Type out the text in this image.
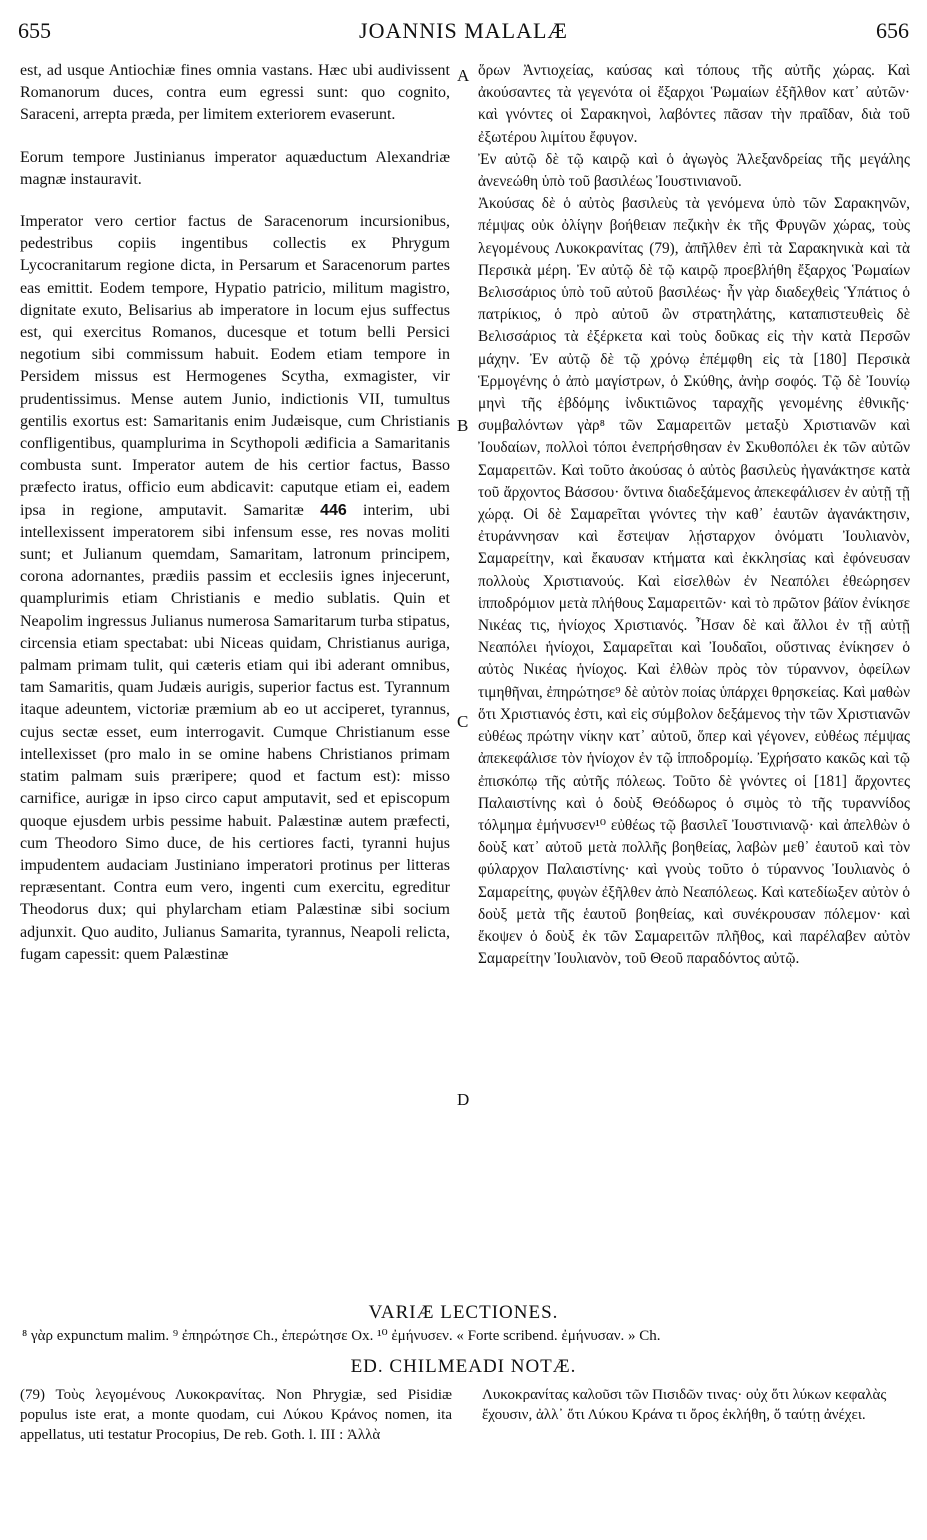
655	JOANNIS MALALÆ	656

est, ad usque Antiochiæ fines omnia vastans. Hæc ubi audivissent Romanorum duces, contra eum egressi sunt: quo cognito, Saraceni, arrepta præda, per limitem exteriorem evaserunt.

Eorum tempore Justinianus imperator aquæductum Alexandriæ magnæ instauravit.

Imperator vero certior factus de Saracenorum incursionibus, pedestribus copiis ingentibus collectis ex Phrygum Lycocranitarum regione dicta, in Persarum et Saracenorum partes eas emittit. Eodem tempore, Hypatio patricio, militum magistro, dignitate exuto, Belisarius ab imperatore in locum ejus suffectus est, qui exercitus Romanos, ducesque et totum belli Persici negotium sibi commissum habuit. Eodem etiam tempore in Persidem missus est Hermogenes Scytha, exmagister, vir prudentissimus. Mense autem Junio, indictionis VII, tumultus gentilis exortus est: Samaritanis enim Judæisque, cum Christianis confligentibus, quamplurima in Scythopoli ædificia a Samaritanis combusta sunt. Imperator autem de his certior factus, Basso præfecto iratus, officio eum abdicavit: caputque etiam ei, eadem ipsa in regione, amputavit. Samaritæ 446 interim, ubi intellexissent imperatorem sibi infensum esse, res novas moliti sunt; et Julianum quemdam, Samaritam, latronum principem, corona adornantes, prædiis passim et ecclesiis ignes injecerunt, quamplurimis etiam Christianis e medio sublatis. Quin et Neapolim ingressus Julianus numerosa Samaritarum turba stipatus, circensia etiam spectabat: ubi Niceas quidam, Christianus auriga, palmam primam tulit, qui cæteris etiam qui ibi aderant omnibus, tam Samaritis, quam Judæis aurigis, superior factus est. Tyrannum itaque adeuntem, victoriæ præmium ab eo ut acciperet, tyrannus, cujus sectæ esset, eum interrogavit. Cumque Christianum esse intellexisset (pro malo in se omine habens Christianos primam statim palmam suis præripere; quod et factum est): misso carnifice, aurigæ in ipso circo caput amputavit, sed et episcopum quoque ejusdem urbis pessime habuit. Palæstinæ autem præfecti, cum Theodoro Simo duce, de his certiores facti, tyranni hujus impudentem audaciam Justiniano imperatori protinus per litteras repræsentant. Contra eum vero, ingenti cum exercitu, egreditur Theodorus dux; qui phylarcham etiam Palæstinæ sibi socium adjunxit. Quo audito, Julianus Samarita, tyrannus, Neapoli relicta, fugam capessit: quem Palæstinæ

A
B
C
D

ὅρων Ἀντιοχείας, καύσας καὶ τόπους τῆς αὐτῆς χώρας. Καὶ ἀκούσαντες τὰ γεγενότα οἱ ἔξαρχοι Ῥωμαίων ἐξῆλθον κατ᾽ αὐτῶν· καὶ γνόντες οἱ Σαρακηνοὶ, λαβόντες πᾶσαν τὴν πραῖδαν, διὰ τοῦ ἐξωτέρου λιμίτου ἔφυγον.

Ἐν αὐτῷ δὲ τῷ καιρῷ καὶ ὁ ἀγωγὸς Ἀλεξανδρείας τῆς μεγάλης ἀνενεώθη ὑπὸ τοῦ βασιλέως Ἰουστινιανοῦ.

Ἀκούσας δὲ ὁ αὐτὸς βασιλεὺς τὰ γενόμενα ὑπὸ τῶν Σαρακηνῶν, πέμψας οὐκ ὀλίγην βοήθειαν πεζικὴν ἐκ τῆς Φρυγῶν χώρας, τοὺς λεγομένους Λυκοκρανίτας (79), ἀπῆλθεν ἐπὶ τὰ Σαρακηνικὰ καὶ τὰ Περσικὰ μέρη. Ἐν αὐτῷ δὲ τῷ καιρῷ προεβλήθη ἔξαρχος Ῥωμαίων Βελισσάριος ὑπὸ τοῦ αὐτοῦ βασιλέως· ἦν γὰρ διαδεχθεὶς Ὑπάτιος ὁ πατρίκιος, ὁ πρὸ αὐτοῦ ὢν στρατηλάτης, καταπιστευθεὶς δὲ Βελισσάριος τὰ ἐξέρκετα καὶ τοὺς δοῦκας εἰς τὴν κατὰ Περσῶν μάχην. Ἐν αὐτῷ δὲ τῷ χρόνῳ ἐπέμφθη εἰς τὰ [180] Περσικὰ Ἑρμογένης ὁ ἀπὸ μαγίστρων, ὁ Σκύθης, ἀνὴρ σοφός. Τῷ δὲ Ἰουνίῳ μηνὶ τῆς ἑβδόμης ἰνδικτιῶνος ταραχῆς γενομένης ἐθνικῆς· συμβαλόντων γὰρ⁸ τῶν Σαμαρειτῶν μεταξὺ Χριστιανῶν καὶ Ἰουδαίων, πολλοὶ τόποι ἐνεπρήσθησαν ἐν Σκυθοπόλει ἐκ τῶν αὐτῶν Σαμαρειτῶν. Καὶ τοῦτο ἀκούσας ὁ αὐτὸς βασιλεὺς ἠγανάκτησε κατὰ τοῦ ἄρχοντος Βάσσου· ὅντινα διαδεξάμενος ἀπεκεφάλισεν ἐν αὐτῇ τῇ χώρᾳ. Οἱ δὲ Σαμαρεῖται γνόντες τὴν καθ᾽ ἑαυτῶν ἀγανάκτησιν, ἐτυράννησαν καὶ ἔστεψαν λῄσταρχον ὀνόματι Ἰουλιανὸν, Σαμαρείτην, καὶ ἔκαυσαν κτήματα καὶ ἐκκλησίας καὶ ἐφόνευσαν πολλοὺς Χριστιανούς. Καὶ εἰσελθὼν ἐν Νεαπόλει ἐθεώρησεν ἱπποδρόμιον μετὰ πλήθους Σαμαρειτῶν· καὶ τὸ πρῶτον βάϊον ἐνίκησε Νικέας τις, ἡνίοχος Χριστιανός. Ἦσαν δὲ καὶ ἄλλοι ἐν τῇ αὐτῇ Νεαπόλει ἡνίοχοι, Σαμαρεῖται καὶ Ἰουδαῖοι, οὕστινας ἐνίκησεν ὁ αὐτὸς Νικέας ἡνίοχος. Καὶ ἐλθὼν πρὸς τὸν τύραννον, ὀφείλων τιμηθῆναι, ἐπηρώτησε⁹ δὲ αὐτὸν ποίας ὑπάρχει θρησκείας. Καὶ μαθὼν ὅτι Χριστιανός ἐστι, καὶ εἰς σύμβολον δεξάμενος τὴν τῶν Χριστιανῶν εὐθέως πρώτην νίκην κατ᾽ αὐτοῦ, ὅπερ καὶ γέγονεν, εὐθέως πέμψας ἀπεκεφάλισε τὸν ἡνίοχον ἐν τῷ ἱπποδρομίῳ. Ἐχρήσατο κακῶς καὶ τῷ ἐπισκόπῳ τῆς αὐτῆς πόλεως. Τοῦτο δὲ γνόντες οἱ [181] ἄρχοντες Παλαιστίνης καὶ ὁ δοὺξ Θεόδωρος ὁ σιμὸς τὸ τῆς τυραννίδος τόλμημα ἐμήνυσεν¹⁰ εὐθέως τῷ βασιλεῖ Ἰουστινιανῷ· καὶ ἀπελθὼν ὁ δοὺξ κατ᾽ αὐτοῦ μετὰ πολλῆς βοηθείας, λαβὼν μεθ᾽ ἑαυτοῦ καὶ τὸν φύλαρχον Παλαιστίνης· καὶ γνοὺς τοῦτο ὁ τύραννος Ἰουλιανὸς ὁ Σαμαρείτης, φυγὼν ἐξῆλθεν ἀπὸ Νεαπόλεως. Καὶ κατεδίωξεν αὐτὸν ὁ δοὺξ μετὰ τῆς ἑαυτοῦ βοηθείας, καὶ συνέκρουσαν πόλεμον· καὶ ἔκοψεν ὁ δοὺξ ἐκ τῶν Σαμαρειτῶν πλῆθος, καὶ παρέλαβεν αὐτὸν Σαμαρείτην Ἰουλιανὸν, τοῦ Θεοῦ παραδόντος αὐτῷ.

VARIÆ LECTIONES.
⁸ γὰρ expunctum malim. ⁹ ἐπηρώτησε Ch., ἐπερώτησε Ox. ¹⁰ ἐμήνυσεν. « Forte scribend. ἐμήνυσαν. » Ch.
ED. CHILMEADI NOTÆ.
(79) Τοὺς λεγομένους Λυκοκρανίτας. Non Phrygiæ, sed Pisidiæ populus iste erat, a monte quodam, cui Λύκου Κράνος nomen, ita appellatus, uti testatur Procopius, De reb. Goth. l. III : Ἀλλὰ
Λυκοκρανίτας καλοῦσι τῶν Πισιδῶν τινας· οὐχ ὅτι λύκων κεφαλὰς ἔχουσιν, ἀλλ᾽ ὅτι Λύκου Κράνα τι ὄρος ἐκλήθη, ὅ ταύτῃ ἀνέχει.
